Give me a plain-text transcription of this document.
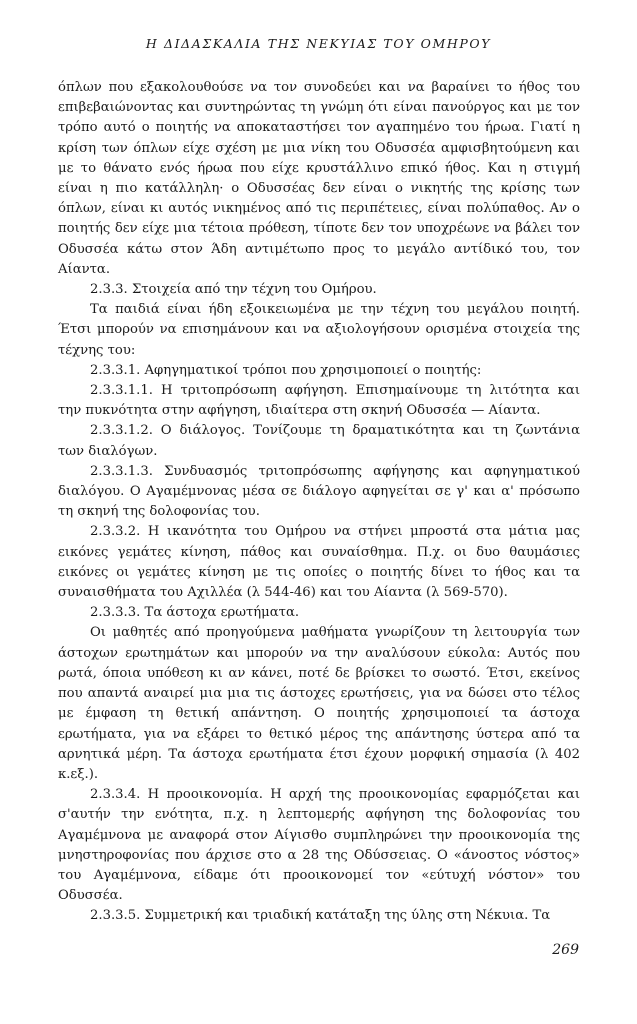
Η ΔΙΔΑΣΚΑΛΙΑ ΤΗΣ ΝΕΚΥΙΑΣ ΤΟΥ ΟΜΗΡΟΥ

όπλων που εξακολουθούσε να τον συνοδεύει και να βαραίνει το ήθος του επιβεβαιώνοντας και συντηρώντας τη γνώμη ότι είναι πανούργος και με τον τρόπο αυτό ο ποιητής να αποκαταστήσει τον αγαπημένο του ήρωα. Γιατί η κρίση των όπλων είχε σχέση με μια νίκη του Οδυσσέα αμφισβητούμενη και με το θάνατο ενός ήρωα που είχε κρυστάλλινο επικό ήθος. Και η στιγμή είναι η πιο κατάλληλη· ο Οδυσσέας δεν είναι ο νικητής της κρίσης των όπλων, είναι κι αυτός νικημένος από τις περιπέτειες, είναι πολύπαθος. Αν ο ποιητής δεν είχε μια τέτοια πρόθεση, τίποτε δεν τον υποχρέωνε να βάλει τον Οδυσσέα κάτω στον Άδη αντιμέτωπο προς το μεγάλο αντίδικό του, τον Αίαντα.

2.3.3. Στοιχεία από την τέχνη του Ομήρου.

Τα παιδιά είναι ήδη εξοικειωμένα με την τέχνη του μεγάλου ποιητή. Έτσι μπορούν να επισημάνουν και να αξιολογήσουν ορισμένα στοιχεία της τέχνης του:

2.3.3.1. Αφηγηματικοί τρόποι που χρησιμοποιεί ο ποιητής:

2.3.3.1.1. Η τριτοπρόσωπη αφήγηση. Επισημαίνουμε τη λιτότητα και την πυκνότητα στην αφήγηση, ιδιαίτερα στη σκηνή Οδυσσέα — Αίαντα.

2.3.3.1.2. Ο διάλογος. Τονίζουμε τη δραματικότητα και τη ζωντάνια των διαλόγων.

2.3.3.1.3. Συνδυασμός τριτοπρόσωπης αφήγησης και αφηγηματικού διαλόγου. Ο Αγαμέμνονας μέσα σε διάλογο αφηγείται σε γ' και α' πρόσωπο τη σκηνή της δολοφονίας του.

2.3.3.2. Η ικανότητα του Ομήρου να στήνει μπροστά στα μάτια μας εικόνες γεμάτες κίνηση, πάθος και συναίσθημα. Π.χ. οι δυο θαυμάσιες εικόνες οι γεμάτες κίνηση με τις οποίες ο ποιητής δίνει το ήθος και τα συναισθήματα του Αχιλλέα (λ 544-46) και του Αίαντα (λ 569-570).

2.3.3.3. Τα άστοχα ερωτήματα.

Οι μαθητές από προηγούμενα μαθήματα γνωρίζουν τη λειτουργία των άστοχων ερωτημάτων και μπορούν να την αναλύσουν εύκολα: Αυτός που ρωτά, όποια υπόθεση κι αν κάνει, ποτέ δε βρίσκει το σωστό. Έτσι, εκείνος που απαντά αναιρεί μια μια τις άστοχες ερωτήσεις, για να δώσει στο τέλος με έμφαση τη θετική απάντηση. Ο ποιητής χρησιμοποιεί τα άστοχα ερωτήματα, για να εξάρει το θετικό μέρος της απάντησης ύστερα από τα αρνητικά μέρη. Τα άστοχα ερωτήματα έτσι έχουν μορφική σημασία (λ 402 κ.εξ.).

2.3.3.4. Η προοικονομία. Η αρχή της προοικονομίας εφαρμόζεται και σ'αυτήν την ενότητα, π.χ. η λεπτομερής αφήγηση της δολοφονίας του Αγαμέμνονα με αναφορά στον Αίγισθο συμπληρώνει την προοικονομία της μνηστηροφονίας που άρχισε στο α 28 της Οδύσσειας. Ο «άνοστος νόστος» του Αγαμέμνονα, είδαμε ότι προοικονομεί τον «εύτυχή νόστον» του Οδυσσέα.

2.3.3.5. Συμμετρική και τριαδική κατάταξη της ύλης στη Νέκυια. Τα

269
